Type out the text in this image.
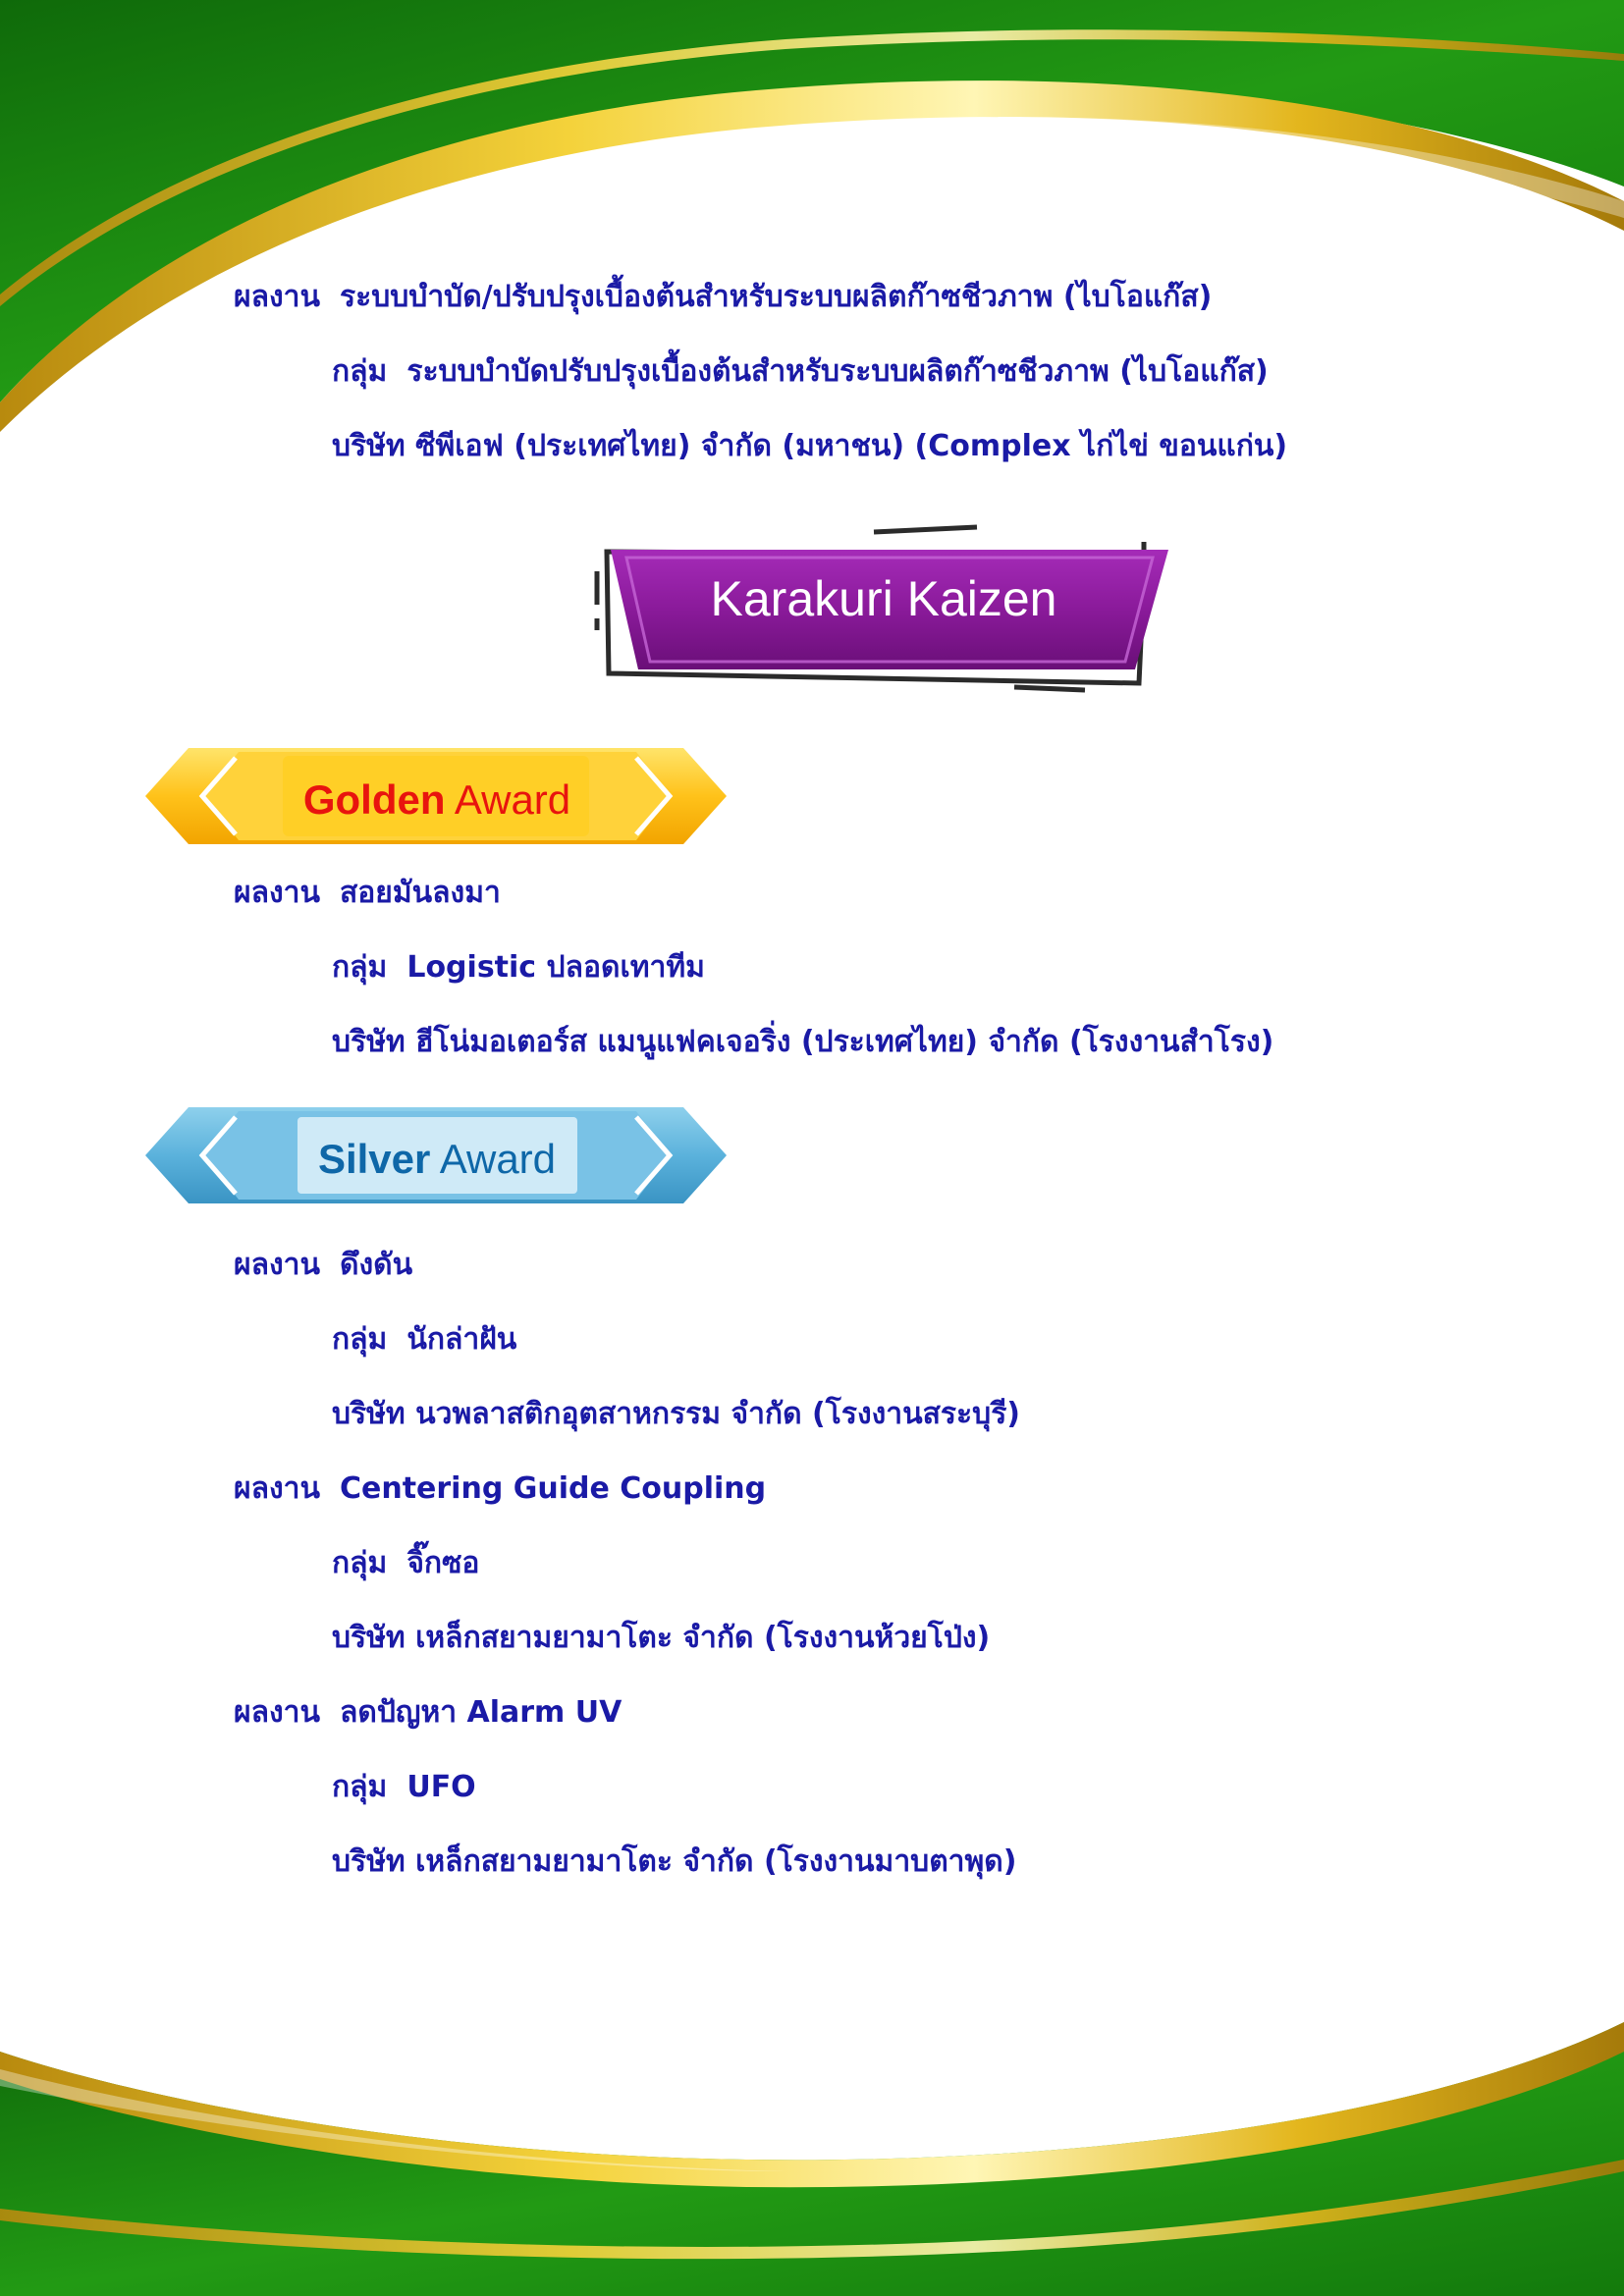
ผลงาน ระบบบำบัด/ปรับปรุงเบื้องต้นสำหรับระบบผลิตก๊าซชีวภาพ (ไบโอแก๊ส)
กลุ่ม ระบบบำบัดปรับปรุงเบื้องต้นสำหรับระบบผลิตก๊าซชีวภาพ (ไบโอแก๊ส)
บริษัท ซีพีเอฟ (ประเทศไทย) จำกัด (มหาชน) (Complex ไก่ไข่ ขอนแก่น)
Karakuri Kaizen
Golden Award
ผลงาน สอยมันลงมา
กลุ่ม Logistic ปลอดเทาทีม
บริษัท ฮีโน่มอเตอร์ส แมนูแฟคเจอริ่ง (ประเทศไทย) จำกัด (โรงงานสำโรง)
Silver Award
ผลงาน ดึงดัน
กลุ่ม นักล่าฝัน
บริษัท นวพลาสติกอุตสาหกรรม จำกัด (โรงงานสระบุรี)
ผลงาน Centering Guide Coupling
กลุ่ม จิ๊กซอ
บริษัท เหล็กสยามยามาโตะ จำกัด (โรงงานห้วยโป่ง)
ผลงาน ลดปัญหา Alarm UV
กลุ่ม UFO
บริษัท เหล็กสยามยามาโตะ จำกัด (โรงงานมาบตาพุด)
